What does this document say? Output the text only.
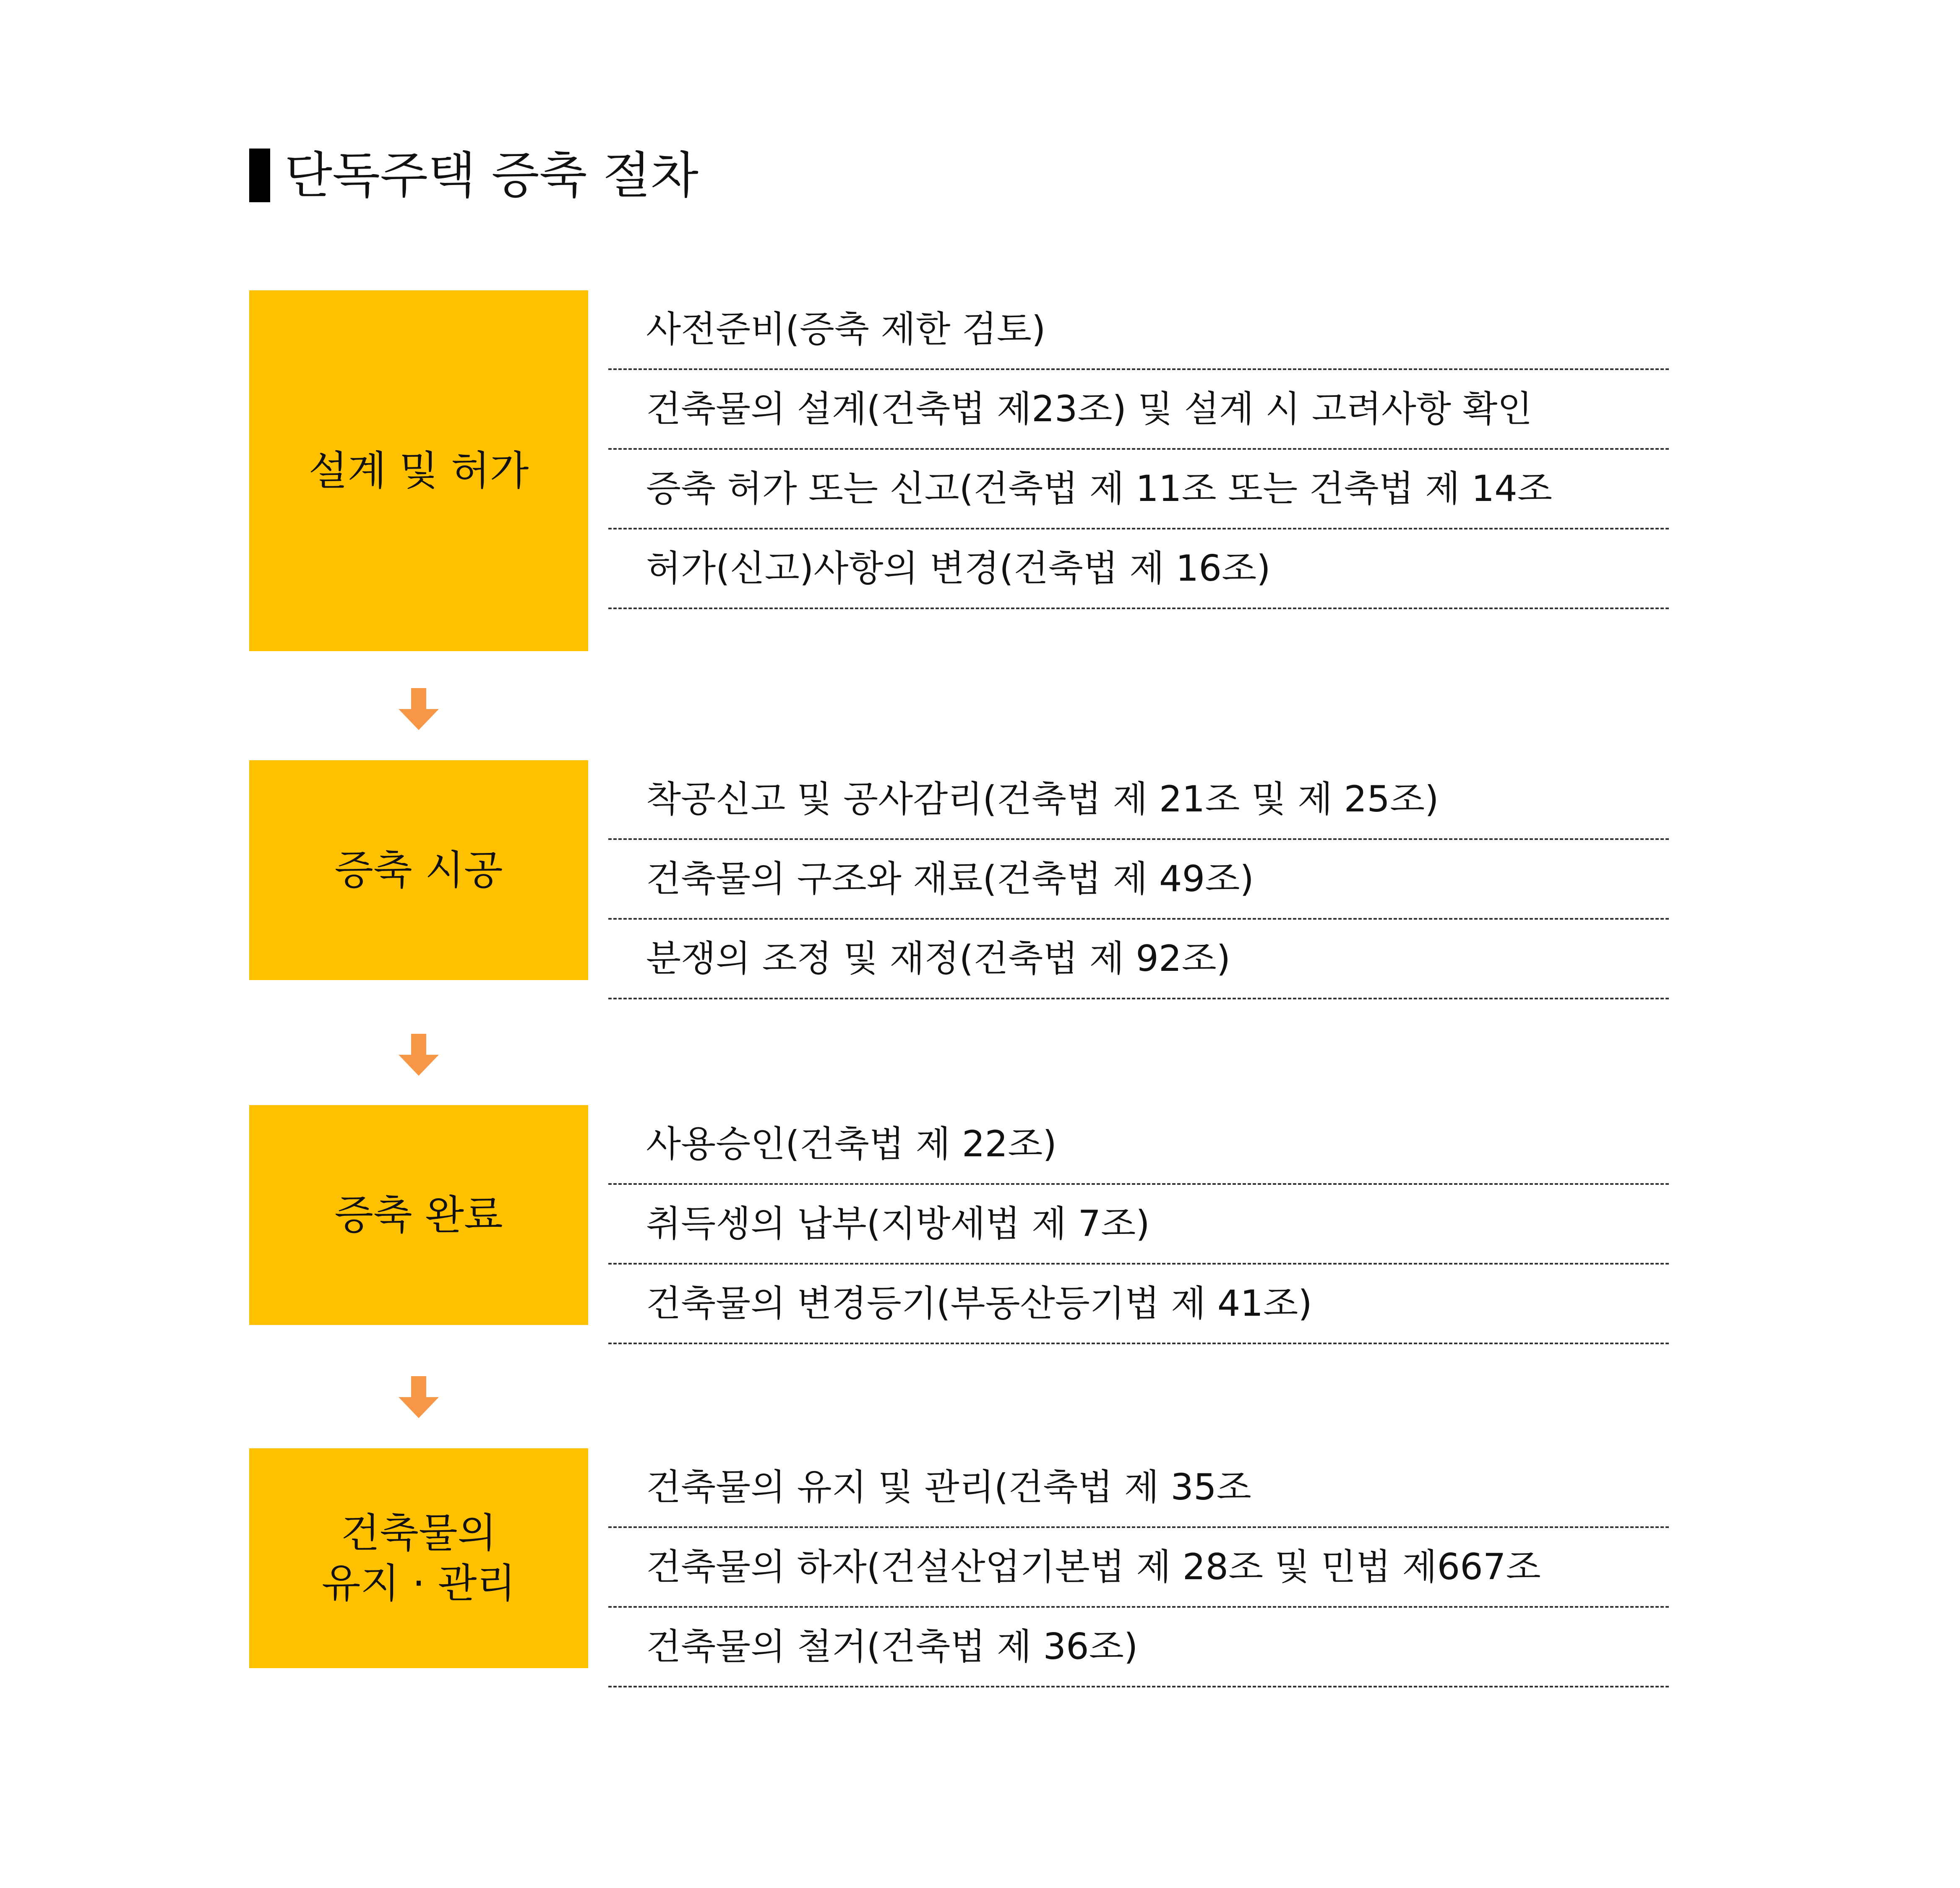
단독주택 증축 절차
설계 및 허가
사전준비(증축 제한 검토)
건축물의 설계(건축법 제23조) 및 설계 시 고려사항 확인
증축 허가 또는 신고(건축법 제 11조 또는 건축법 제 14조
허가(신고)사항의 변경(건축법 제 16조)
증축 시공
착공신고 및 공사감리(건축법 제 21조 및 제 25조)
건축물의 구조와 재료(건축법 제 49조)
분쟁의 조정 및 재정(건축법 제 92조)
증축 완료
사용승인(건축법 제 22조)
취득셍의 납부(지방세법 제 7조)
건축물의 변경등기(부동산등기법 제 41조)
건축물의
유지 · 관리
건축물의 유지 및 관리(건축법 제 35조
건축물의 하자(건설산업기본법 제 28조 및 민법 제667조
건축물의 철거(건축법 제 36조)
